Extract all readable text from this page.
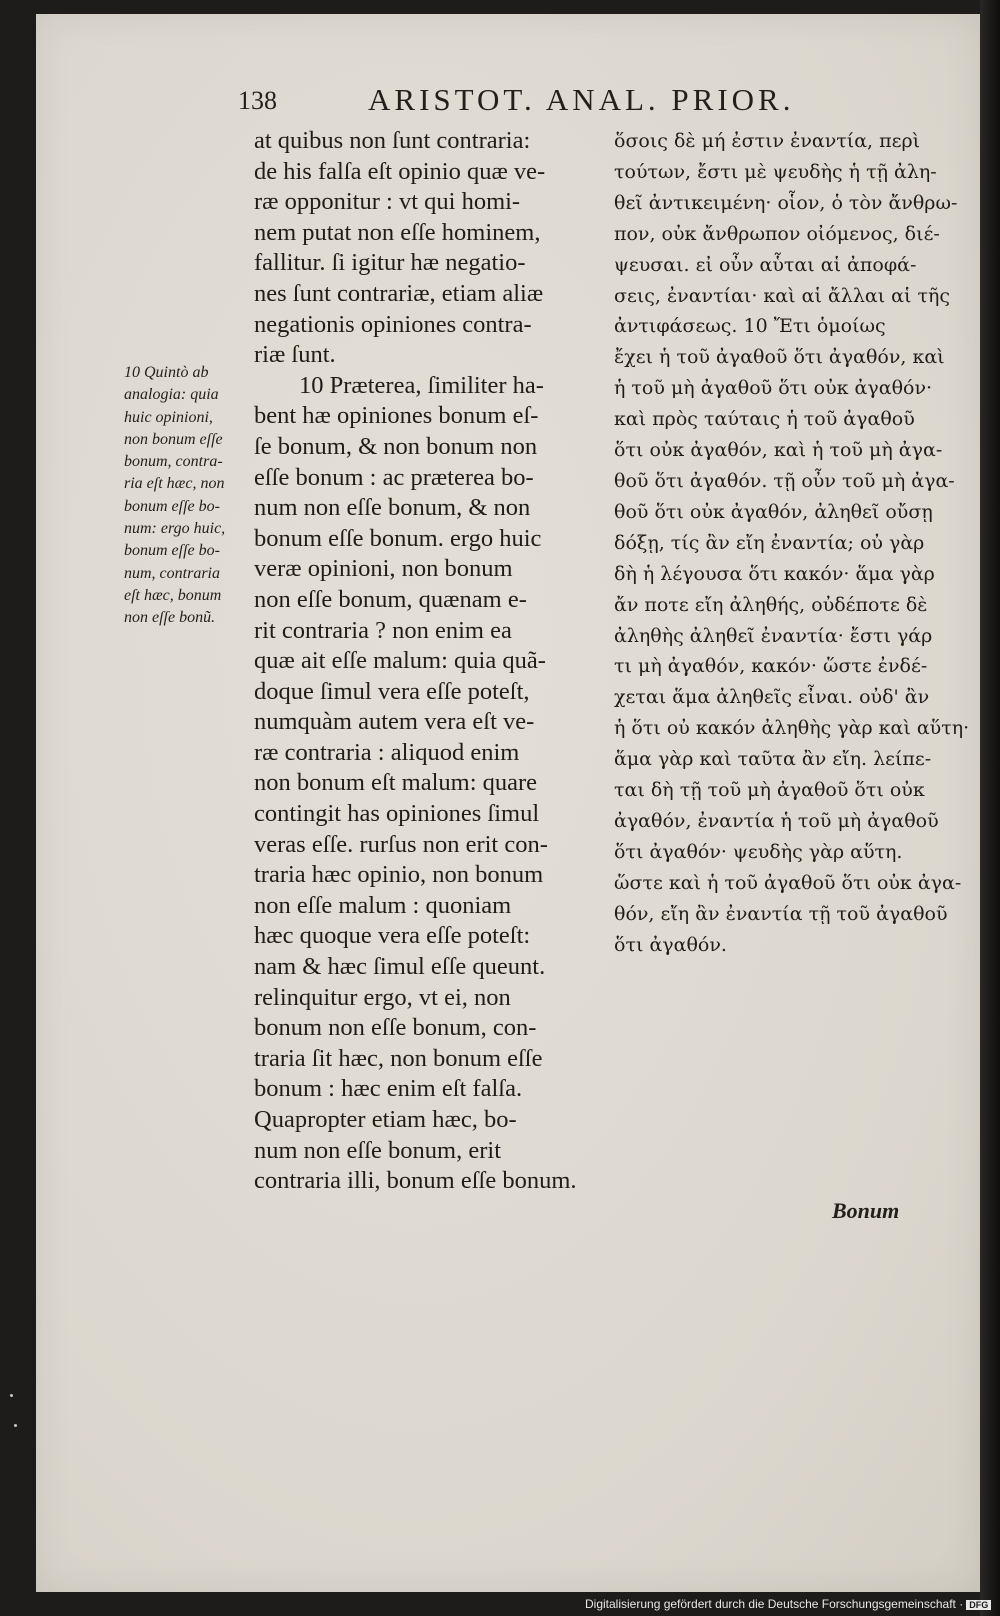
138	ARISTOT. ANAL. PRIOR.

10 Quintò ab

analogia: quia

huic opinioni,

non bonum eſſe

bonum, contra-

ria eſt hæc, non

bonum eſſe bo-

num: ergo huic,

bonum eſſe bo-

num, contraria

eſt hæc, bonum

non eſſe bonũ.

at quibus non ſunt contraria:

de his falſa eſt opinio quæ ve-

ræ opponitur : vt qui homi-

nem putat non eſſe hominem,

fallitur. ſi igitur hæ negatio-

nes ſunt contrariæ, etiam aliæ

negationis opiniones contra-

riæ ſunt.

10 Præterea, ſimiliter ha-

bent hæ opiniones bonum eſ-

ſe bonum, & non bonum non

eſſe bonum : ac præterea bo-

num non eſſe bonum, & non

bonum eſſe bonum. ergo huic

veræ opinioni, non bonum

non eſſe bonum, quænam e-

rit contraria ? non enim ea

quæ ait eſſe malum: quia quã-

doque ſimul vera eſſe poteſt,

numquàm autem vera eſt ve-

ræ contraria : aliquod enim

non bonum eſt malum: quare

contingit has opiniones ſimul

veras eſſe. rurſus non erit con-

traria hæc opinio, non bonum

non eſſe malum : quoniam

hæc quoque vera eſſe poteſt:

nam & hæc ſimul eſſe queunt.

relinquitur ergo, vt ei, non

bonum non eſſe bonum, con-

traria ſit hæc, non bonum eſſe

bonum : hæc enim eſt falſa.

Quapropter etiam hæc, bo-

num non eſſe bonum, erit

contraria illi, bonum eſſe bonum.

ὅσοις δὲ μή ἐστιν ἐναντία, περὶ

τούτων, ἔστι μὲ ψευδὴς ἡ τῇ ἀλη-

θεῖ ἀντικειμένη· οἷον, ὁ τὸν ἄνθρω-

πον, οὐκ ἄνθρωπον οἰόμενος, διέ-

ψευσαι. εἰ οὖν αὗται αἱ ἀποφά-

σεις, ἐναντίαι· καὶ αἱ ἄλλαι αἱ τῆς

ἀντιφάσεως. 10 Ἔτι ὁμοίως

ἔχει ἡ τοῦ ἀγαθοῦ ὅτι ἀγαθόν, καὶ

ἡ τοῦ μὴ ἀγαθοῦ ὅτι οὐκ ἀγαθόν·

καὶ πρὸς ταύταις ἡ τοῦ ἀγαθοῦ

ὅτι οὐκ ἀγαθόν, καὶ ἡ τοῦ μὴ ἀγα-

θοῦ ὅτι ἀγαθόν. τῇ οὖν τοῦ μὴ ἀγα-

θοῦ ὅτι οὐκ ἀγαθόν, ἀληθεῖ οὔσῃ

δόξῃ, τίς ἂν εἴη ἐναντία; οὐ γὰρ

δὴ ἡ λέγουσα ὅτι κακόν· ἅμα γὰρ

ἄν ποτε εἴη ἀληθής, οὐδέποτε δὲ

ἀληθὴς ἀληθεῖ ἐναντία· ἔστι γάρ

τι μὴ ἀγαθόν, κακόν· ὥστε ἐνδέ-

χεται ἅμα ἀληθεῖς εἶναι. οὐδ' ἂν

ἡ ὅτι οὐ κακόν ἀληθὴς γὰρ καὶ αὕτη·

ἅμα γὰρ καὶ ταῦτα ἂν εἴη. λείπε-

ται δὴ τῇ τοῦ μὴ ἀγαθοῦ ὅτι οὐκ

ἀγαθόν, ἐναντία ἡ τοῦ μὴ ἀγαθοῦ

ὅτι ἀγαθόν· ψευδὴς γὰρ αὕτη.

ὥστε καὶ ἡ τοῦ ἀγαθοῦ ὅτι οὐκ ἀγα-

θόν, εἴη ἂν ἐναντία τῇ τοῦ ἀγαθοῦ

ὅτι ἀγαθόν.

Bonum
Digitalisierung gefördert durch die Deutsche Forschungsgemeinschaft · DFG
